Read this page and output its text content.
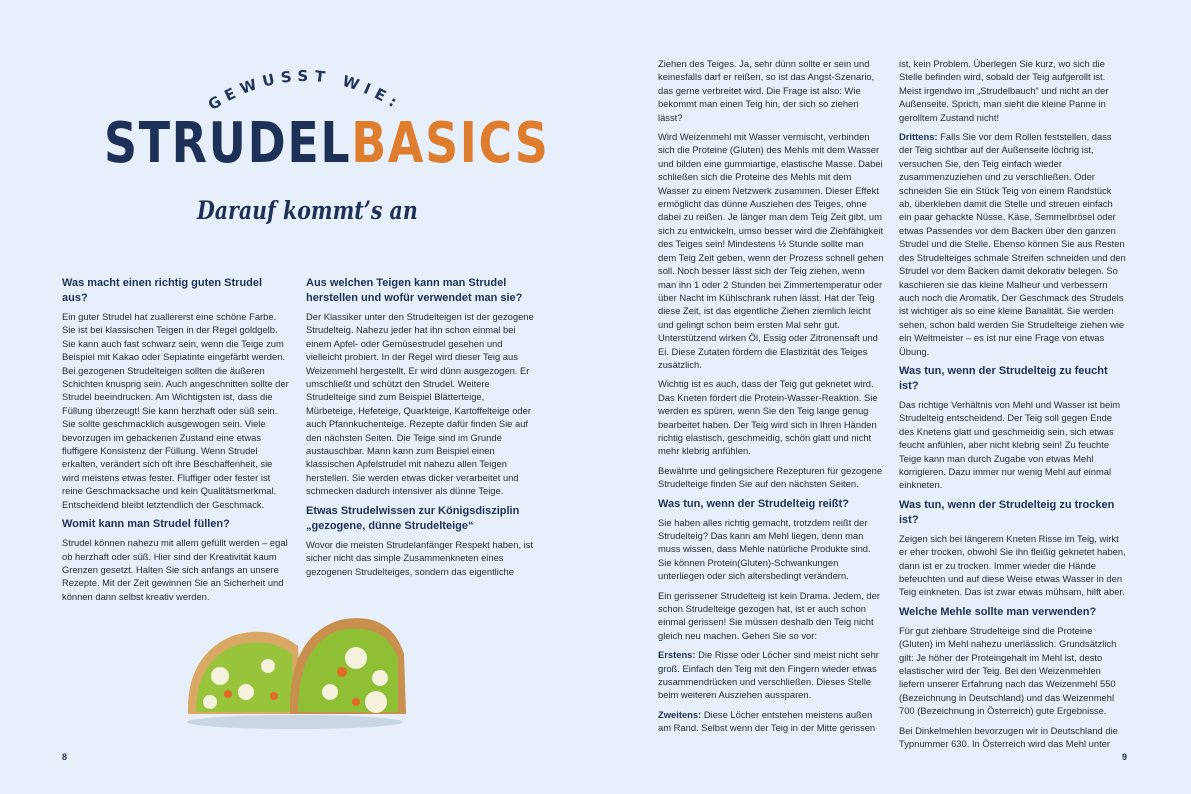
GEWUSST WIE:
STRUDELBASICS
Darauf kommt’s an
Was macht einen richtig guten Strudel aus?

Ein guter Strudel hat zuallererst eine schöne Farbe. Sie ist bei klassischen Teigen in der Regel goldgelb. Sie kann auch fast schwarz sein, wenn die Teige zum Beispiel mit Kakao oder Sepiatinte eingefärbt werden. Bei gezogenen Strudelteigen sollten die äußeren Schichten knusprig sein. Auch angeschnitten sollte der Strudel beeindrucken. Am Wichtigsten ist, dass die Füllung überzeugt! Sie kann herzhaft oder süß sein. Sie sollte geschmacklich ausgewogen sein. Viele bevorzugen im gebackenen Zustand eine etwas fluffigere Konsistenz der Füllung. Wenn Strudel erkalten, verändert sich oft ihre Beschaffenheit, sie wird meistens etwas fester. Fluffiger oder fester ist reine Geschmacksache und kein Qualitätsmerkmal. Entscheidend bleibt letztendlich der Geschmack.

Womit kann man Strudel füllen?

Strudel können nahezu mit allem gefüllt werden – egal ob herzhaft oder süß. Hier sind der Kreativität kaum Grenzen gesetzt. Halten Sie sich anfangs an unsere Rezepte. Mit der Zeit gewinnen Sie an Sicherheit und können dann selbst kreativ werden.

Aus welchen Teigen kann man Strudel herstellen und wofür verwendet man sie?

Der Klassiker unter den Strudelteigen ist der gezogene Strudelteig. Nahezu jeder hat ihn schon einmal bei einem Apfel- oder Gemüsestrudel gesehen und vielleicht probiert. In der Regel wird dieser Teig aus Weizenmehl hergestellt. Er wird dünn ausgezogen. Er umschließt und schützt den Strudel. Weitere Strudelteige sind zum Beispiel Blätterteige, Mürbeteige, Hefeteige, Quarkteige, Kartoffelteige oder auch Pfannkuchenteige. Rezepte dafür finden Sie auf den nächsten Seiten. Die Teige sind im Grunde austauschbar. Mann kann zum Beispiel einen klassischen Apfelstrudel mit nahezu allen Teigen herstellen. Sie werden etwas dicker verarbeitet und schmecken dadurch intensiver als dünne Teige.

Etwas Strudelwissen zur Königsdisziplin „gezogene, dünne Strudelteige“

Wovor die meisten Strudelanfänger Respekt haben, ist sicher nicht das simple Zusammenkneten eines gezogenen Strudelteiges, sondern das eigentliche

8

Ziehen des Teiges. Ja, sehr dünn sollte er sein und keinesfalls darf er reißen, so ist das Angst-Szenario, das gerne verbreitet wird. Die Frage ist also: Wie bekommt man einen Teig hin, der sich so ziehen lässt?

Wird Weizenmehl mit Wasser vermischt, verbinden sich die Proteine (Gluten) des Mehls mit dem Wasser und bilden eine gummiartige, elastische Masse. Dabei schließen sich die Proteine des Mehls mit dem Wasser zu einem Netzwerk zusammen. Dieser Effekt ermöglicht das dünne Ausziehen des Teiges, ohne dabei zu reißen. Je länger man dem Teig Zeit gibt, um sich zu entwickeln, umso besser wird die Ziehfähigkeit des Teiges sein! Mindestens ½ Stunde sollte man dem Teig Zeit geben, wenn der Prozess schnell gehen soll. Noch besser lässt sich der Teig ziehen, wenn man ihn 1 oder 2 Stunden bei Zimmertemperatur oder über Nacht im Kühlschrank ruhen lässt. Hat der Teig diese Zeit, ist das eigentliche Ziehen ziemlich leicht und gelingt schon beim ersten Mal sehr gut. Unterstützend wirken Öl, Essig oder Zitronensaft und Ei. Diese Zutaten fördern die Elastizität des Teiges zusätzlich.

Wichtig ist es auch, dass der Teig gut geknetet wird. Das Kneten fördert die Protein-Wasser-Reaktion. Sie werden es spüren, wenn Sie den Teig lange genug bearbeitet haben. Der Teig wird sich in Ihren Händen richtig elastisch, geschmeidig, schön glatt und nicht mehr klebrig anfühlen.

Bewährte und gelingsichere Rezepturen für gezogene Strudelteige finden Sie auf den nächsten Seiten.

Was tun, wenn der Strudelteig reißt?

Sie haben alles richtig gemacht, trotzdem reißt der Strudelteig? Das kann am Mehl liegen, denn man muss wissen, dass Mehle natürliche Produkte sind. Sie können Protein(Gluten)-Schwankungen unterliegen oder sich altersbedingt verändern.

Ein gerissener Strudelteig ist kein Drama. Jedem, der schon Strudelteige gezogen hat, ist er auch schon einmal gerissen! Sie müssen deshalb den Teig nicht gleich neu machen. Gehen Sie so vor:

Erstens: Die Risse oder Löcher sind meist nicht sehr groß. Einfach den Teig mit den Fingern wieder etwas zusammendrücken und verschließen. Dieses Stelle beim weiteren Ausziehen aussparen.

Zweitens: Diese Löcher entstehen meistens außen am Rand. Selbst wenn der Teig in der Mitte gerissen

ist, kein Problem. Überlegen Sie kurz, wo sich die Stelle befinden wird, sobald der Teig aufgerollt ist. Meist irgendwo im „Strudelbauch“ und nicht an der Außenseite. Sprich, man sieht die kleine Panne in gerolltem Zustand nicht!

Drittens: Falls Sie vor dem Rollen feststellen, dass der Teig sichtbar auf der Außenseite löchrig ist, versuchen Sie, den Teig einfach wieder zusammenzuziehen und zu verschließen. Oder schneiden Sie ein Stück Teig von einem Randstück ab, überkleben damit die Stelle und streuen einfach ein paar gehackte Nüsse, Käse, Semmelbrösel oder etwas Passendes vor dem Backen über den ganzen Strudel und die Stelle. Ebenso können Sie aus Resten des Strudelteiges schmale Streifen schneiden und den Strudel vor dem Backen damit dekorativ belegen. So kaschieren sie das kleine Malheur und verbessern auch noch die Aromatik. Der Geschmack des Strudels ist wichtiger als so eine kleine Banalität. Sie werden sehen, schon bald werden Sie Strudelteige ziehen wie ein Weltmeister – es ist nur eine Frage von etwas Übung.

Was tun, wenn der Strudelteig zu feucht ist?

Das richtige Verhältnis von Mehl und Wasser ist beim Strudelteig entscheidend. Der Teig soll gegen Ende des Knetens glatt und geschmeidig sein, sich etwas feucht anfühlen, aber nicht klebrig sein! Zu feuchte Teige kann man durch Zugabe von etwas Mehl korrigieren. Dazu immer nur wenig Mehl auf einmal einkneten.

Was tun, wenn der Strudelteig zu trocken ist?

Zeigen sich bei längerem Kneten Risse im Teig, wirkt er eher trocken, obwohl Sie ihn fleißig geknetet haben, dann ist er zu trocken. Immer wieder die Hände befeuchten und auf diese Weise etwas Wasser in den Teig einkneten. Das ist zwar etwas mühsam, hilft aber.

Welche Mehle sollte man verwenden?

Für gut ziehbare Strudelteige sind die Proteine (Gluten) im Mehl nahezu unerlässlich. Grundsätzlich gilt: Je höher der Proteingehalt im Mehl ist, desto elastischer wird der Teig. Bei den Weizenmehlen liefern unserer Erfahrung nach das Weizenmehl 550 (Bezeichnung in Deutschland) und das Weizenmehl 700 (Bezeichnung in Österreich) gute Ergebnisse.

Bei Dinkelmehlen bevorzugen wir in Deutschland die Typnummer 630. In Österreich wird das Mehl unter

9
